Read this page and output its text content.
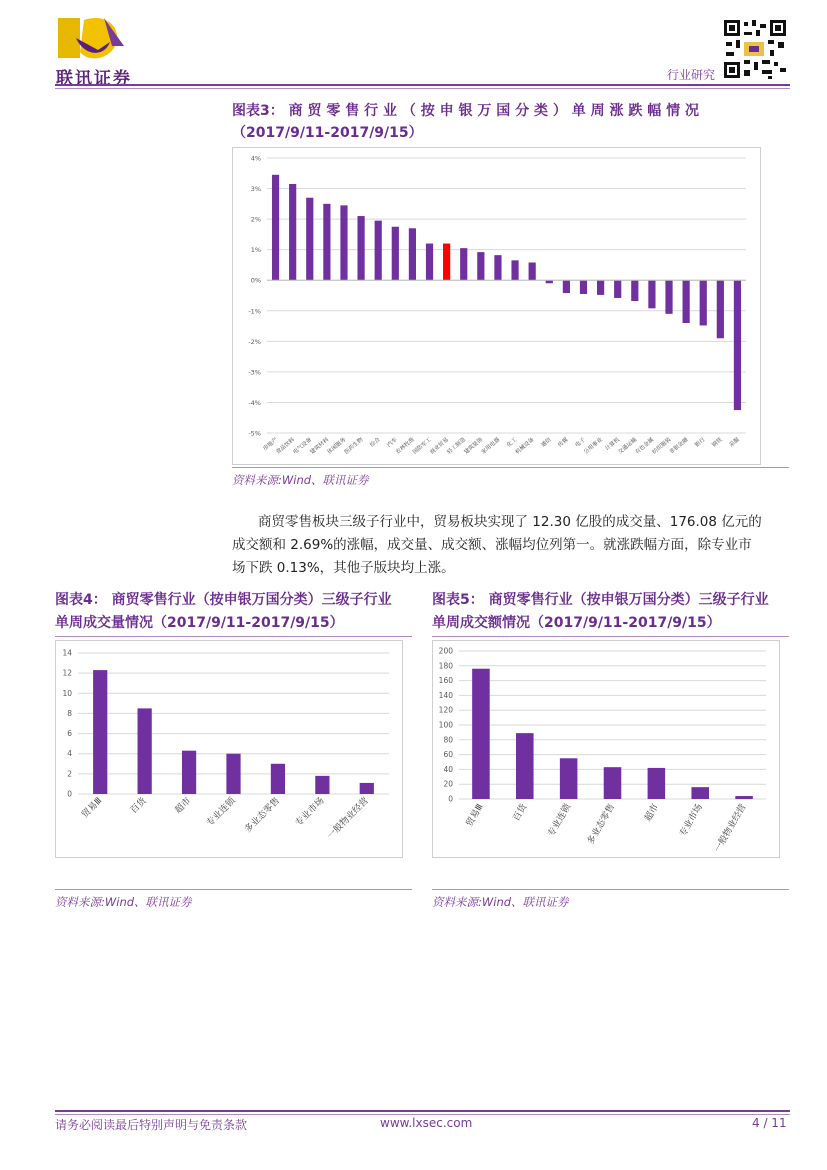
联讯证券	行业研究
图表3： 商 贸 零 售 行 业 （ 按 申 银 万 国 分 类 ） 单 周 涨 跌 幅 情 况
（2017/9/11-2017/9/15）
4%
3%
2%
1%
0%
-1%
-2%
-3%
-4%
-5%
房地产
食品饮料
电气设备
建筑材料
休闲服务
医药生物 综合 汽车
农林牧渔
国防军工
商业贸易
轻工制造
建筑装饰
家用电器 化工
机械设备 通信 传媒 电子
公用事业 计算机
交通运输
有色金属
纺织服装
非银金融 银行 钢铁 采掘
资料来源:Wind、联讯证券
商贸零售板块三级子行业中，贸易板块实现了 12.30 亿股的成交量、176.08 亿元的
成交额和 2.69%的涨幅，成交量、成交额、涨幅均位列第一。就涨跌幅方面，除专业市
场下跌 0.13%，其他子版块均上涨。
图表4： 商贸零售行业（按申银万国分类）三级子行业
单周成交量情况（2017/9/11-2017/9/15）
14
12
10
8
6
4
2
0
贸易Ⅲ	百货	超市 专业连锁 多业态零售 专业市场 一般物业经营
资料来源:Wind、联讯证券
图表5： 商贸零售行业（按申银万国分类）三级子行业
单周成交额情况（2017/9/11-2017/9/15）
200
180
160
140
120
100
80
60
40
20
0
贸易Ⅲ	百货 专业连锁 多业态零售	超市 专业市场 一般物业经营
资料来源:Wind、联讯证券
请务必阅读最后特别声明与免责条款	www.lxsec.com	4 / 11
